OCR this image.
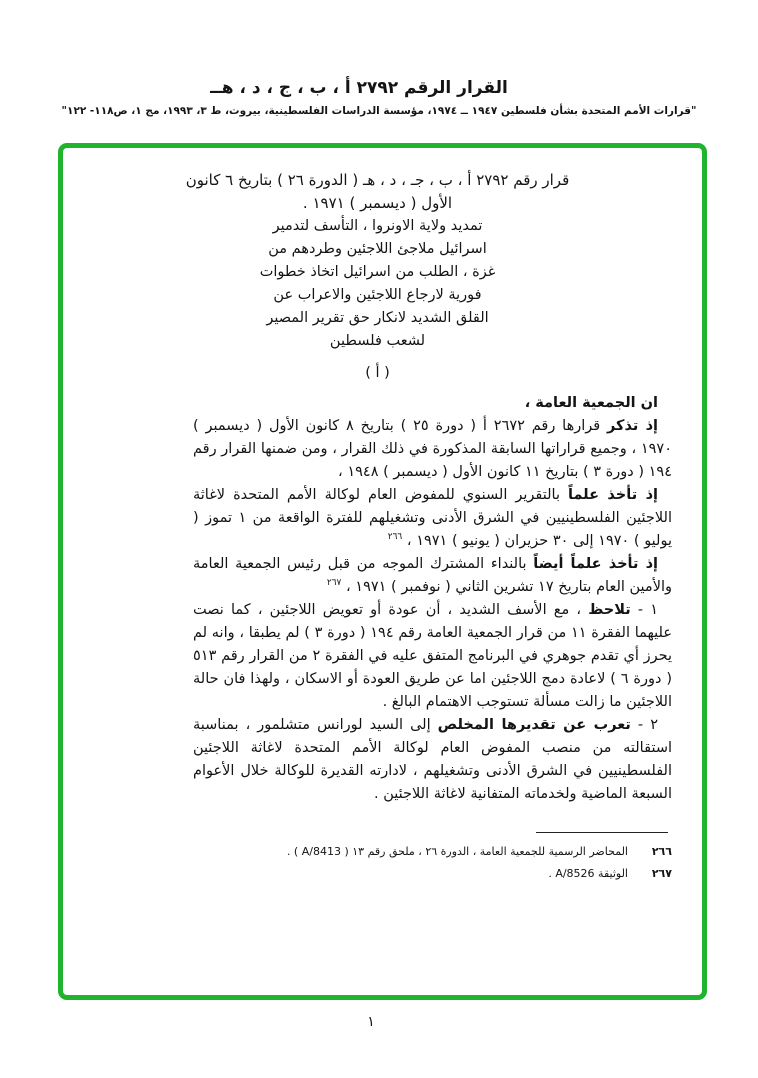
القرار الرقم ٢٧٩٢ أ ، ب ، ج ، د ، هــ
"قرارات الأمم المتحدة بشأن فلسطين ١٩٤٧ ــ ١٩٧٤، مؤسسة الدراسات الفلسطينية، بيروت، ط ٣، ١٩٩٣، مج ١، ص١١٨- ١٢٢"
قرار رقم ٢٧٩٢ أ ، ب ، جـ ، د ، هـ ( الدورة ٢٦ ) بتاريخ ٦ كانون
الأول ( ديسمبر ) ١٩٧١ .
تمديد ولاية الاونروا ، التأسف لتدمير
اسرائيل ملاجئ اللاجئين وطردهم من
غزة ، الطلب من اسرائيل اتخاذ خطوات
فورية لارجاع اللاجئين والاعراب عن
القلق الشديد لانكار حق تقرير المصير
لشعب فلسطين
( أ )
ان الجمعية العامة ،

إذ تذكر قرارها رقم ٢٦٧٢ أ ( دورة ٢٥ ) بتاريخ ٨ كانون الأول ( ديسمبر ) ١٩٧٠ ، وجميع قراراتها السابقة المذكورة في ذلك القرار ، ومن ضمنها القرار رقم ١٩٤ ( دورة ٣ ) بتاريخ ١١ كانون الأول ( ديسمبر ) ١٩٤٨ ،

إذ تأخذ علماً بالتقرير السنوي للمفوض العام لوكالة الأمم المتحدة لاغاثة اللاجئين الفلسطينيين في الشرق الأدنى وتشغيلهم للفترة الواقعة من ١ تموز ( يوليو ) ١٩٧٠ إلى ٣٠ حزيران ( يونيو ) ١٩٧١ ، $^{٢٦٦}$

إذ تأخذ علماً أيضاً بالنداء المشترك الموجه من قبل رئيس الجمعية العامة والأمين العام بتاريخ ١٧ تشرين الثاني ( نوفمبر ) ١٩٧١ ، $^{٢٦٧}$

١ - تلاحظ ، مع الأسف الشديد ، أن عودة أو تعويض اللاجئين ، كما نصت عليهما الفقرة ١١ من قرار الجمعية العامة رقم ١٩٤ ( دورة ٣ ) لم يطبقا ، وانه لم يحرز أي تقدم جوهري في البرنامج المتفق عليه في الفقرة ٢ من القرار رقم ٥١٣ ( دورة ٦ ) لاعادة دمج اللاجئين اما عن طريق العودة أو الاسكان ، ولهذا فان حالة اللاجئين ما زالت مسألة تستوجب الاهتمام البالغ .

٢ - تعرب عن تقديرها المخلص إلى السيد لورانس متشلمور ، بمناسبة استقالته من منصب المفوض العام لوكالة الأمم المتحدة لاغاثة اللاجئين الفلسطينيين في الشرق الأدنى وتشغيلهم ، لادارته القديرة للوكالة خلال الأعوام السبعة الماضية ولخدماته المتفانية لاغاثة اللاجئين .

٢٦٦
المحاضر الرسمية للجمعية العامة ، الدورة ٢٦ ، ملحق رقم ١٣ ( A/8413 ) .
٢٦٧
الوثيقة A/8526 .
١
